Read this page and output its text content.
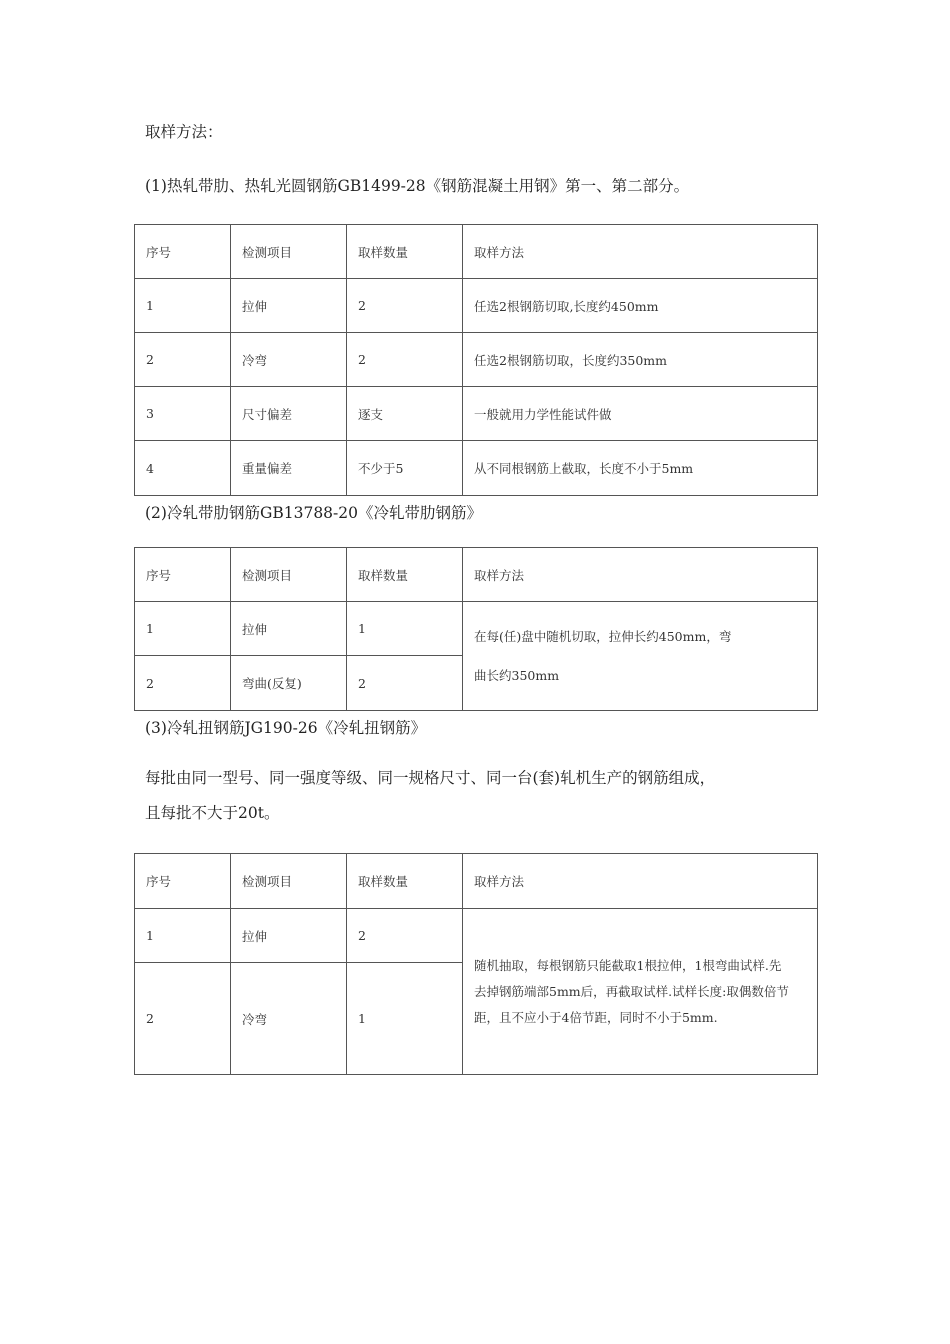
取样方法：
(1)热轧带肋、热轧光圆钢筋GB1499-28《钢筋混凝土用钢》第一、第二部分。
序号	检测项目	取样数量	取样方法
1	拉伸	2	任选2根钢筋切取,长度约450mm
2	冷弯	2	任选2根钢筋切取，长度约350mm
3	尺寸偏差	逐支	一般就用力学性能试件做
4	重量偏差	不少于5	从不同根钢筋上截取，长度不小于5mm
(2)冷轧带肋钢筋GB13788-20《冷轧带肋钢筋》
序号	检测项目	取样数量	取样方法
1	拉伸	1	在每(任)盘中随机切取，拉伸长约450mm，弯
曲长约350mm

2	弯曲(反复)	2	
(3)冷轧扭钢筋JG190-26《冷轧扭钢筋》
每批由同一型号、同一强度等级、同一规格尺寸、同一台(套)轧机生产的钢筋组成，
且每批不大于20t。
序号	检测项目	取样数量	取样方法
1	拉伸	2	随机抽取，每根钢筋只能截取1根拉伸，1根弯曲试样.先
去掉钢筋端部5mm后，再截取试样.试样长度:取偶数倍节
距，且不应小于4倍节距，同时不小于5mm.

2	冷弯	1	
